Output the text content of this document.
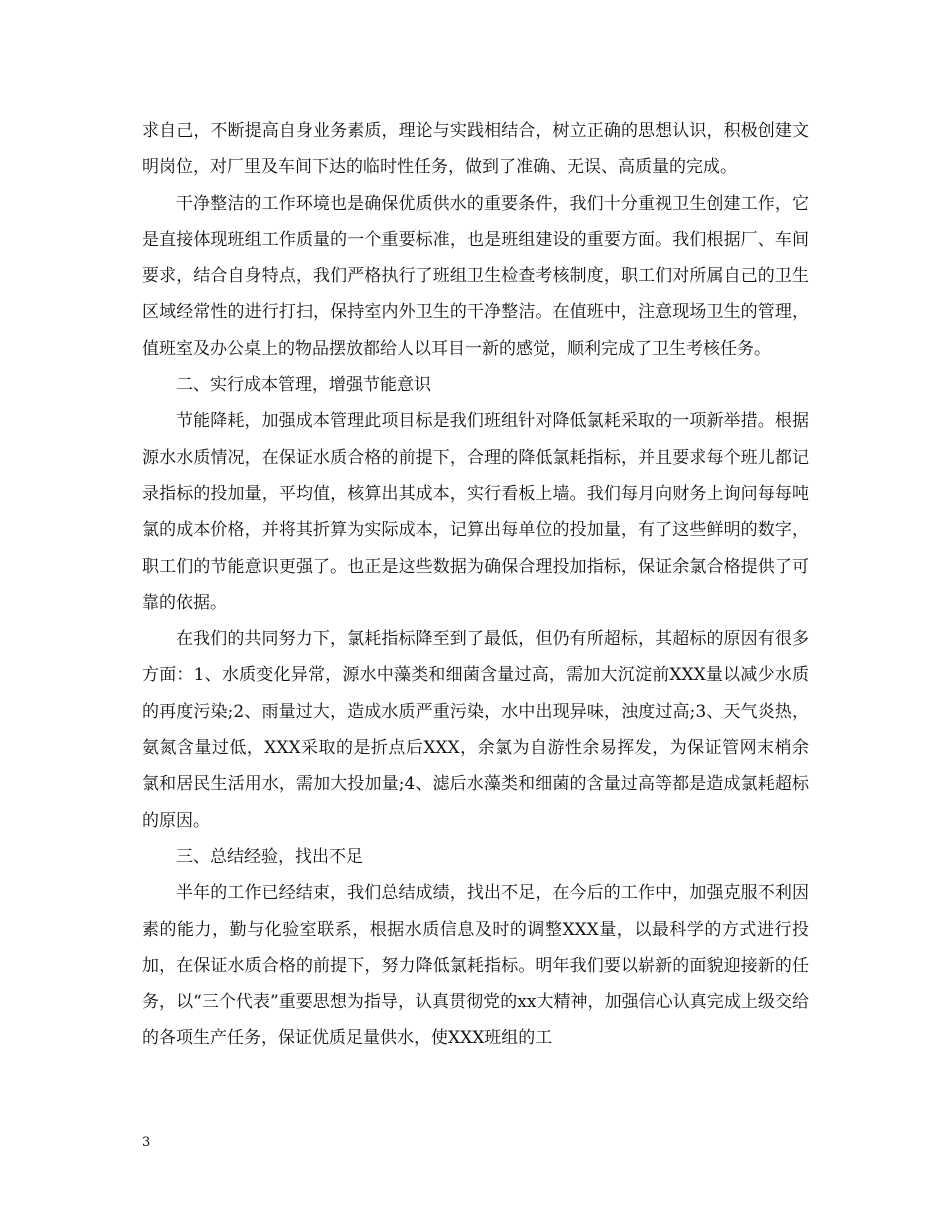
求自己，不断提高自身业务素质，理论与实践相结合，树立正确的思想认识，积极创建文明岗位，对厂里及车间下达的临时性任务，做到了准确、无误、高质量的完成。

干净整洁的工作环境也是确保优质供水的重要条件，我们十分重视卫生创建工作，它是直接体现班组工作质量的一个重要标准，也是班组建设的重要方面。我们根据厂、车间要求，结合自身特点，我们严格执行了班组卫生检查考核制度，职工们对所属自己的卫生区域经常性的进行打扫，保持室内外卫生的干净整洁。在值班中，注意现场卫生的管理，值班室及办公桌上的物品摆放都给人以耳目一新的感觉，顺利完成了卫生考核任务。

二、实行成本管理，增强节能意识

节能降耗，加强成本管理此项目标是我们班组针对降低氯耗采取的一项新举措。根据源水水质情况，在保证水质合格的前提下，合理的降低氯耗指标，并且要求每个班儿都记录指标的投加量，平均值，核算出其成本，实行看板上墙。我们每月向财务上询问每每吨氯的成本价格，并将其折算为实际成本，记算出每单位的投加量，有了这些鲜明的数字，职工们的节能意识更强了。也正是这些数据为确保合理投加指标，保证余氯合格提供了可靠的依据。

在我们的共同努力下，氯耗指标降至到了最低，但仍有所超标，其超标的原因有很多方面：1、水质变化异常，源水中藻类和细菌含量过高，需加大沉淀前XXX量以减少水质的再度污染;2、雨量过大，造成水质严重污染，水中出现异味，浊度过高;3、天气炎热，氨氮含量过低，XXX采取的是折点后XXX，余氯为自游性余易挥发，为保证管网末梢余氯和居民生活用水，需加大投加量;4、滤后水藻类和细菌的含量过高等都是造成氯耗超标的原因。

三、总结经验，找出不足

半年的工作已经结束，我们总结成绩，找出不足，在今后的工作中，加强克服不利因素的能力，勤与化验室联系，根据水质信息及时的调整XXX量，以最科学的方式进行投加，在保证水质合格的前提下，努力降低氯耗指标。明年我们要以崭新的面貌迎接新的任务，以“三个代表”重要思想为指导，认真贯彻党的xx大精神，加强信心认真完成上级交给的各项生产任务，保证优质足量供水，使XXX班组的工

3
